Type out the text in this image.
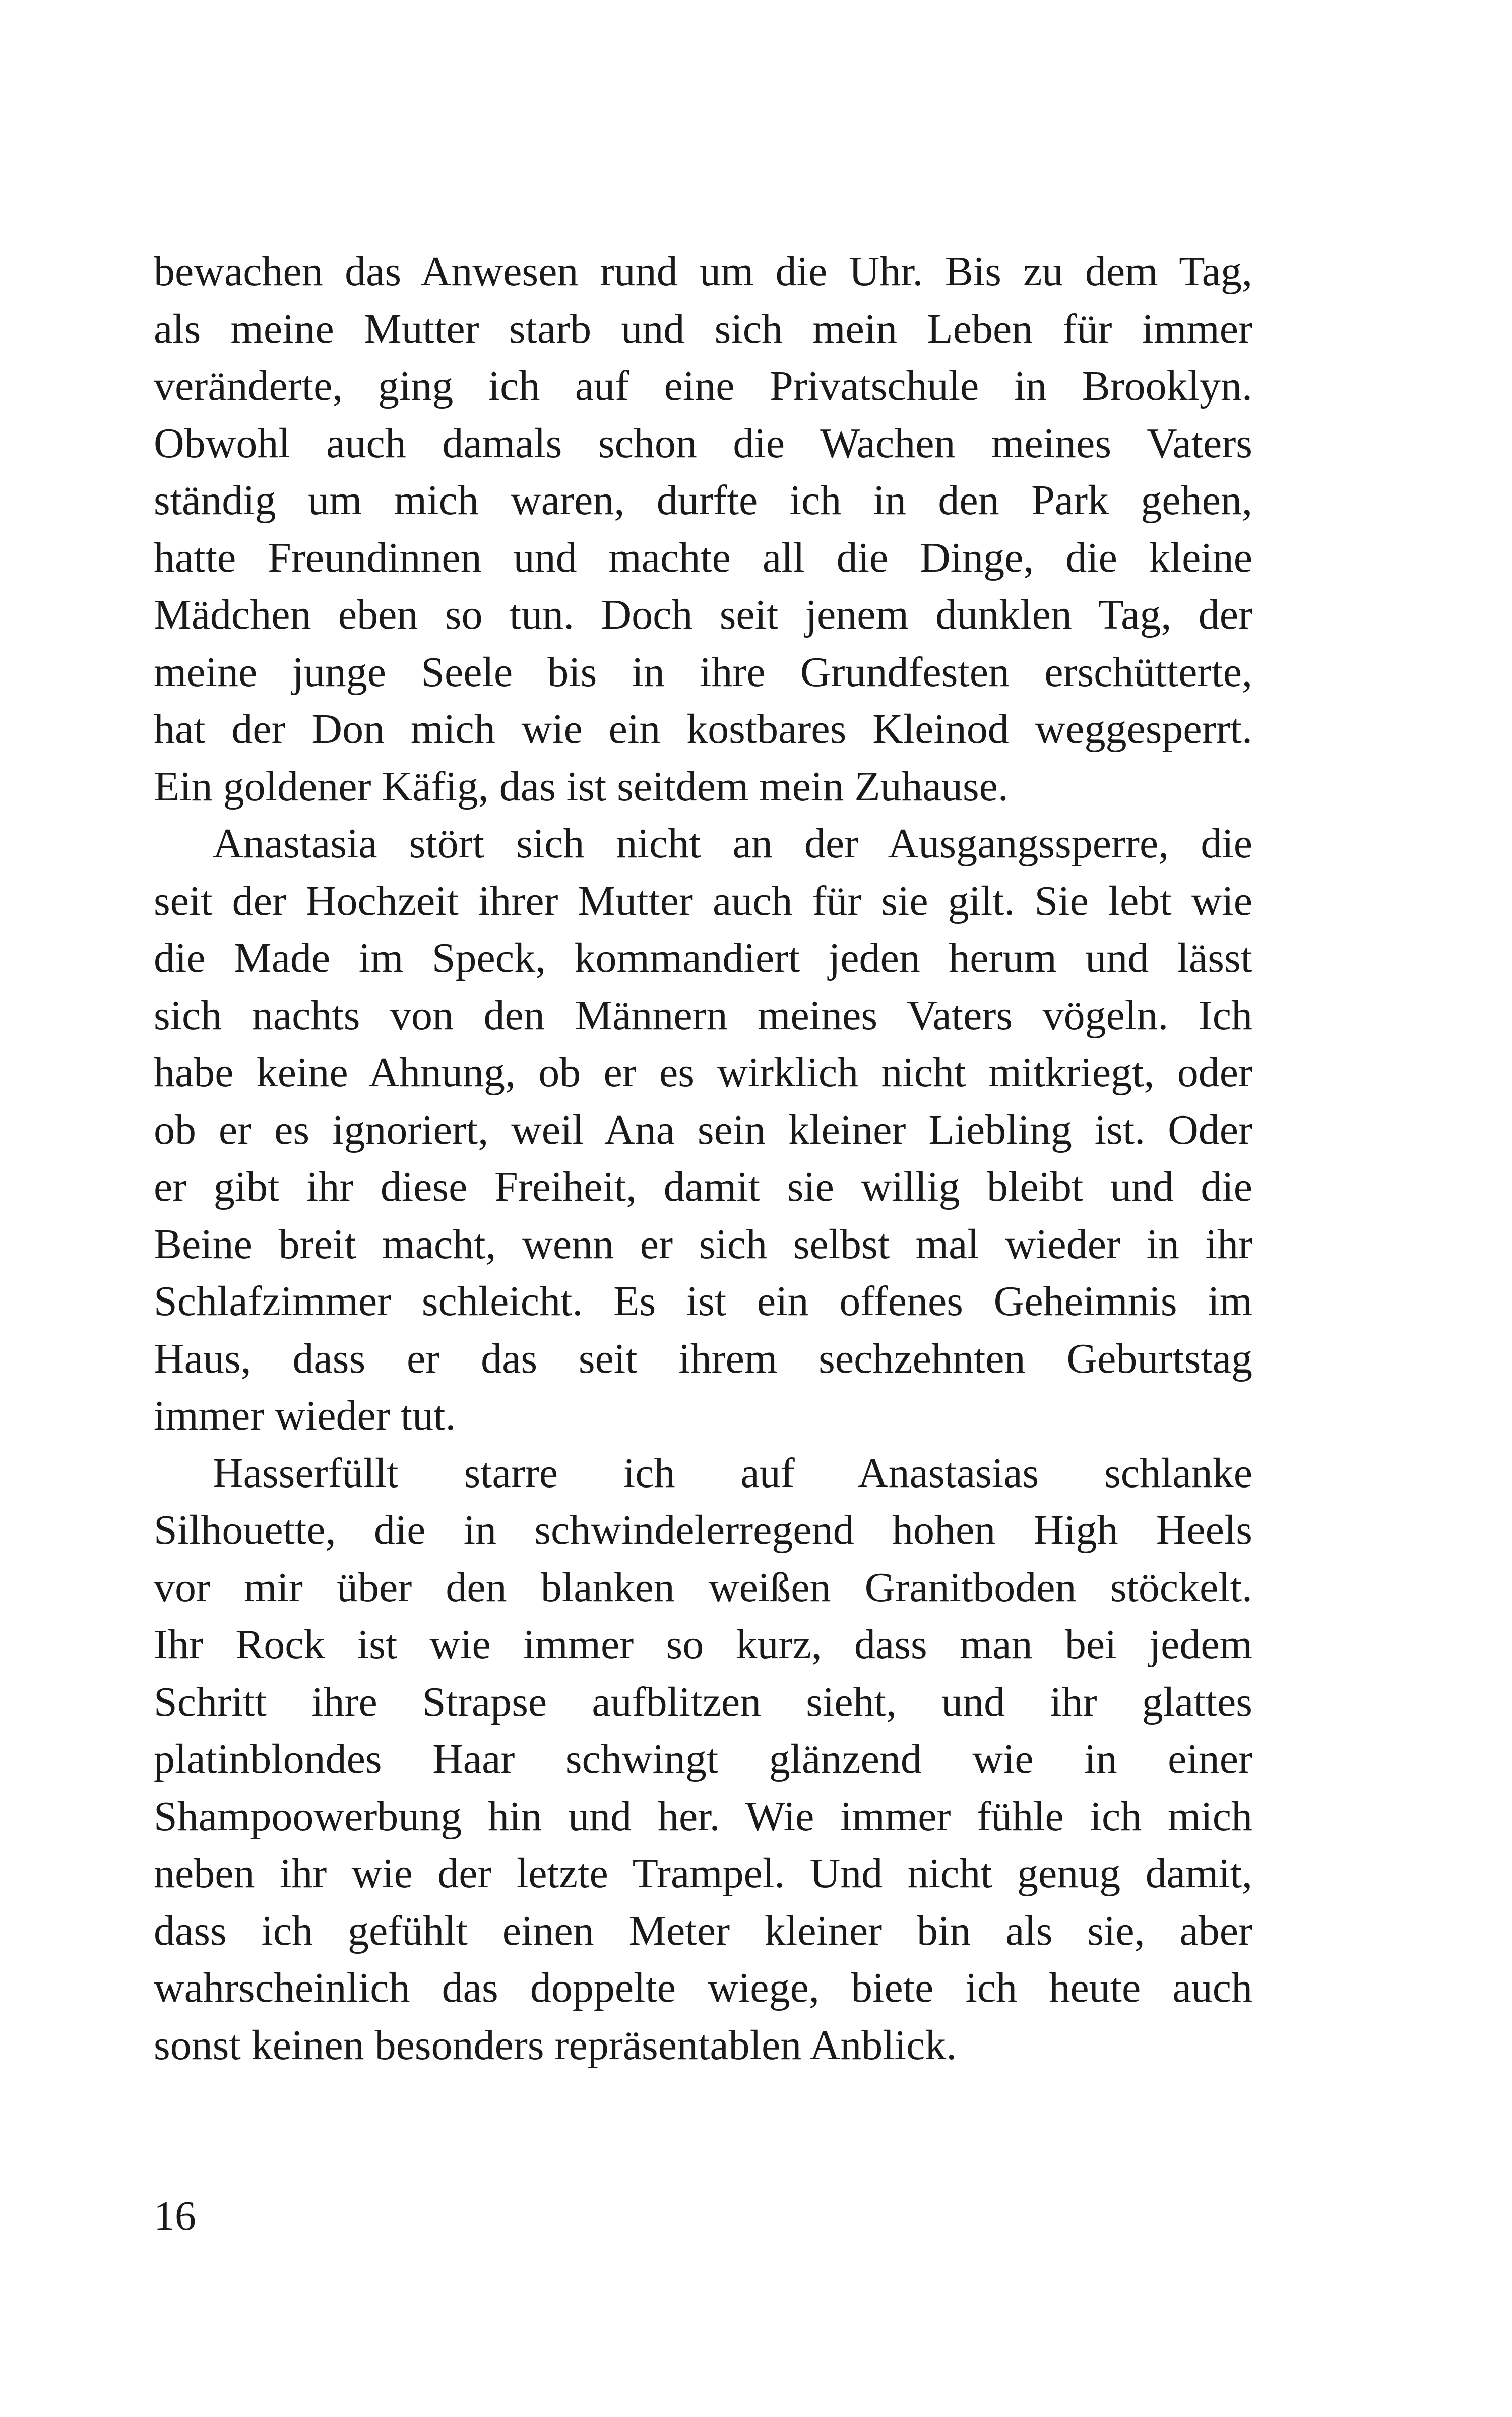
bewachen das Anwesen rund um die Uhr. Bis zu dem Tag,
als meine Mutter starb und sich mein Leben für immer
veränderte, ging ich auf eine Privatschule in Brooklyn.
Obwohl auch damals schon die Wachen meines Vaters
ständig um mich waren, durfte ich in den Park gehen,
hatte Freundinnen und machte all die Dinge, die kleine
Mädchen eben so tun. Doch seit jenem dunklen Tag, der
meine junge Seele bis in ihre Grundfesten erschütterte,
hat der Don mich wie ein kostbares Kleinod weggesperrt.
Ein goldener Käfig, das ist seitdem mein Zuhause.
Anastasia stört sich nicht an der Ausgangssperre, die
seit der Hochzeit ihrer Mutter auch für sie gilt. Sie lebt wie
die Made im Speck, kommandiert jeden herum und lässt
sich nachts von den Männern meines Vaters vögeln. Ich
habe keine Ahnung, ob er es wirklich nicht mitkriegt, oder
ob er es ignoriert, weil Ana sein kleiner Liebling ist. Oder
er gibt ihr diese Freiheit, damit sie willig bleibt und die
Beine breit macht, wenn er sich selbst mal wieder in ihr
Schlafzimmer schleicht. Es ist ein offenes Geheimnis im
Haus, dass er das seit ihrem sechzehnten Geburtstag
immer wieder tut.
Hasserfüllt starre ich auf Anastasias schlanke
Silhouette, die in schwindelerregend hohen High Heels
vor mir über den blanken weißen Granitboden stöckelt.
Ihr Rock ist wie immer so kurz, dass man bei jedem
Schritt ihre Strapse aufblitzen sieht, und ihr glattes
platinblondes Haar schwingt glänzend wie in einer
Shampoowerbung hin und her. Wie immer fühle ich mich
neben ihr wie der letzte Trampel. Und nicht genug damit,
dass ich gefühlt einen Meter kleiner bin als sie, aber
wahrscheinlich das doppelte wiege, biete ich heute auch
sonst keinen besonders repräsentablen Anblick.
16
